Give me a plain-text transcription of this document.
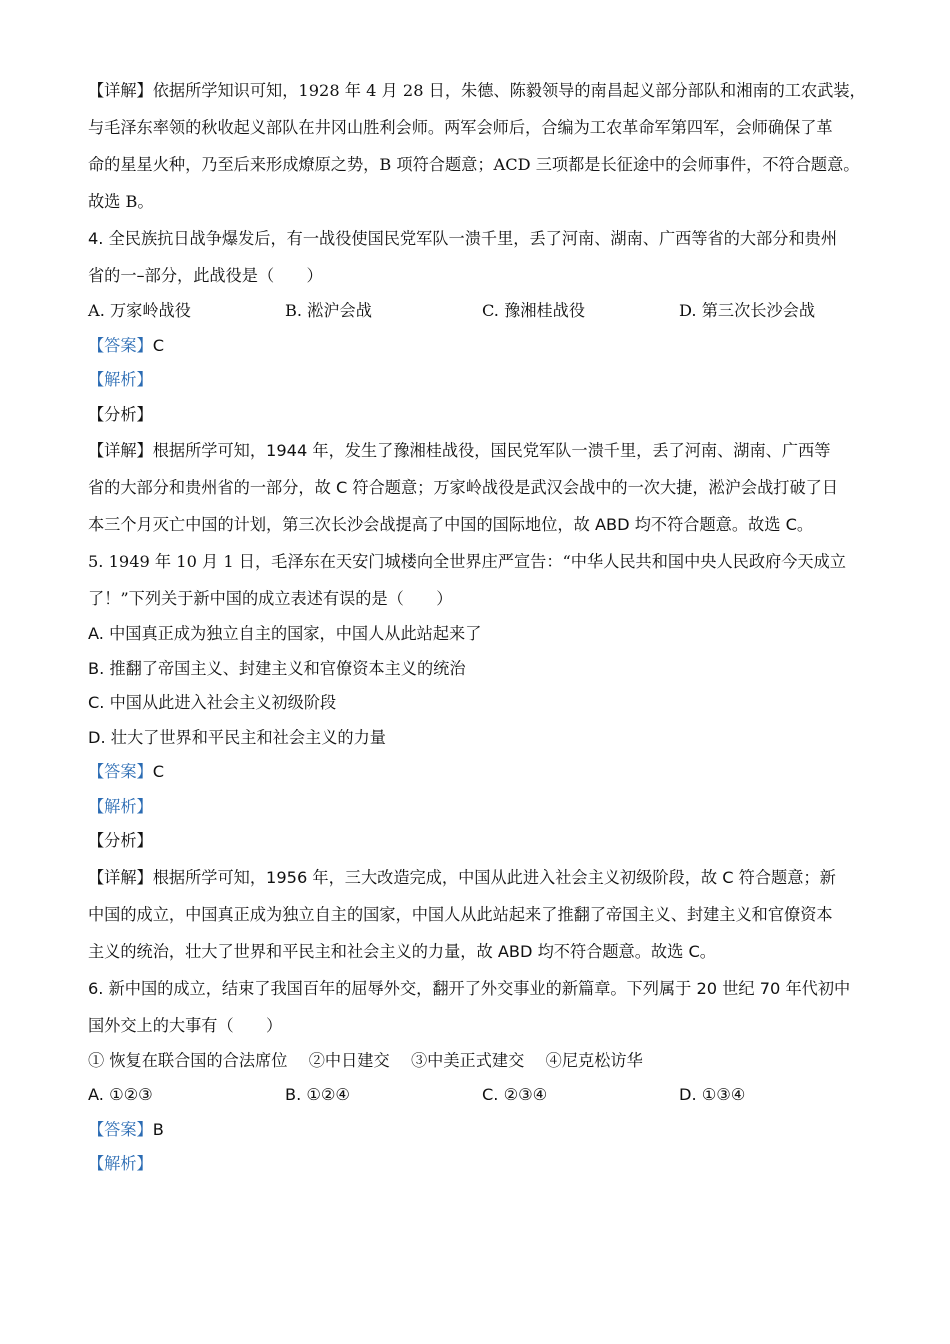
【详解】依据所学知识可知，1928 年 4 月 28 日，朱德、陈毅领导的南昌起义部分部队和湘南的工农武装，
与毛泽东率领的秋收起义部队在井冈山胜利会师。两军会师后，合编为工农革命军第四军，会师确保了革
命的星星火种，乃至后来形成燎原之势，B 项符合题意；ACD 三项都是长征途中的会师事件，不符合题意。
故选 B。
4. 全民族抗日战争爆发后，有一战役使国民党军队一溃千里，丢了河南、湖南、广西等省的大部分和贵州
省的一–部分，此战役是（　　）
A. 万家岭战役	B. 淞沪会战	C. 豫湘桂战役	D. 第三次长沙会战
【答案】C
【解析】
【分析】
【详解】根据所学可知，1944 年，发生了豫湘桂战役，国民党军队一溃千里，丢了河南、湖南、广西等
省的大部分和贵州省的一部分，故 C 符合题意；万家岭战役是武汉会战中的一次大捷，淞沪会战打破了日
本三个月灭亡中国的计划，第三次长沙会战提高了中国的国际地位，故 ABD 均不符合题意。故选 C。
5. 1949 年 10 月 1 日，毛泽东在天安门城楼向全世界庄严宣告：“中华人民共和国中央人民政府今天成立
了！”下列关于新中国的成立表述有误的是（　　）
A. 中国真正成为独立自主的国家，中国人从此站起来了
B. 推翻了帝国主义、封建主义和官僚资本主义的统治
C. 中国从此进入社会主义初级阶段
D. 壮大了世界和平民主和社会主义的力量
【答案】C
【解析】
【分析】
【详解】根据所学可知，1956 年，三大改造完成，中国从此进入社会主义初级阶段，故 C 符合题意；新
中国的成立，中国真正成为独立自主的国家，中国人从此站起来了推翻了帝国主义、封建主义和官僚资本
主义的统治，壮大了世界和平民主和社会主义的力量，故 ABD 均不符合题意。故选 C。
6. 新中国的成立，结束了我国百年的屈辱外交，翻开了外交事业的新篇章。下列属于 20 世纪 70 年代初中
国外交上的大事有（　　）
① 恢复在联合国的合法席位　 ②中日建交　 ③中美正式建交　 ④尼克松访华
A. ①②③	B. ①②④	C. ②③④	D. ①③④
【答案】B
【解析】
